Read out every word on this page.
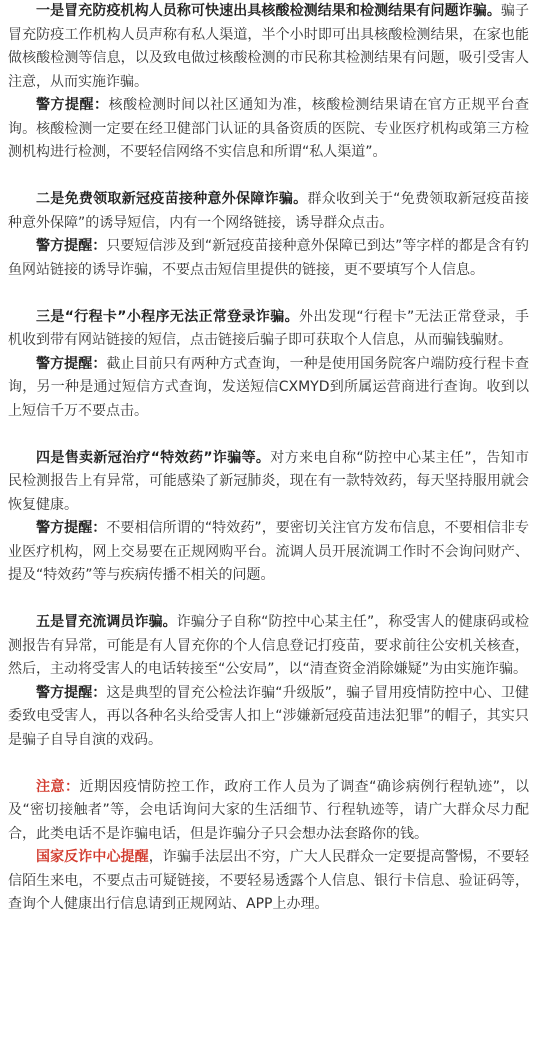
一是冒充防疫机构人员称可快速出具核酸检测结果和检测结果有问题诈骗。骗子冒充防疫工作机构人员声称有私人渠道，半个小时即可出具核酸检测结果，在家也能做核酸检测等信息，以及致电做过核酸检测的市民称其检测结果有问题，吸引受害人注意，从而实施诈骗。

警方提醒：核酸检测时间以社区通知为准，核酸检测结果请在官方正规平台查询。核酸检测一定要在经卫健部门认证的具备资质的医院、专业医疗机构或第三方检测机构进行检测，不要轻信网络不实信息和所谓“私人渠道”。

二是免费领取新冠疫苗接种意外保障诈骗。群众收到关于“免费领取新冠疫苗接种意外保障”的诱导短信，内有一个网络链接，诱导群众点击。

警方提醒：只要短信涉及到“新冠疫苗接种意外保障已到达”等字样的都是含有钓鱼网站链接的诱导诈骗，不要点击短信里提供的链接，更不要填写个人信息。

三是“行程卡”小程序无法正常登录诈骗。外出发现“行程卡”无法正常登录，手机收到带有网站链接的短信，点击链接后骗子即可获取个人信息，从而骗钱骗财。

警方提醒：截止目前只有两种方式查询，一种是使用国务院客户端防疫行程卡查询，另一种是通过短信方式查询，发送短信CXMYD到所属运营商进行查询。收到以上短信千万不要点击。

四是售卖新冠治疗“特效药”诈骗等。对方来电自称“防控中心某主任”，告知市民检测报告上有异常，可能感染了新冠肺炎，现在有一款特效药，每天坚持服用就会恢复健康。

警方提醒：不要相信所谓的“特效药”，要密切关注官方发布信息，不要相信非专业医疗机构，网上交易要在正规网购平台。流调人员开展流调工作时不会询问财产、提及“特效药”等与疾病传播不相关的问题。

五是冒充流调员诈骗。诈骗分子自称“防控中心某主任”，称受害人的健康码或检测报告有异常，可能是有人冒充你的个人信息登记打疫苗，要求前往公安机关核查，然后，主动将受害人的电话转接至“公安局”，以“清查资金消除嫌疑”为由实施诈骗。

警方提醒：这是典型的冒充公检法诈骗“升级版”，骗子冒用疫情防控中心、卫健委致电受害人，再以各种名头给受害人扣上“涉嫌新冠疫苗违法犯罪”的帽子，其实只是骗子自导自演的戏码。

注意：近期因疫情防控工作，政府工作人员为了调查“确诊病例行程轨迹”，以及“密切接触者”等，会电话询问大家的生活细节、行程轨迹等，请广大群众尽力配合，此类电话不是诈骗电话，但是诈骗分子只会想办法套路你的钱。

国家反诈中心提醒，诈骗手法层出不穷，广大人民群众一定要提高警惕，不要轻信陌生来电，不要点击可疑链接，不要轻易透露个人信息、银行卡信息、验证码等，查询个人健康出行信息请到正规网站、APP上办理。
